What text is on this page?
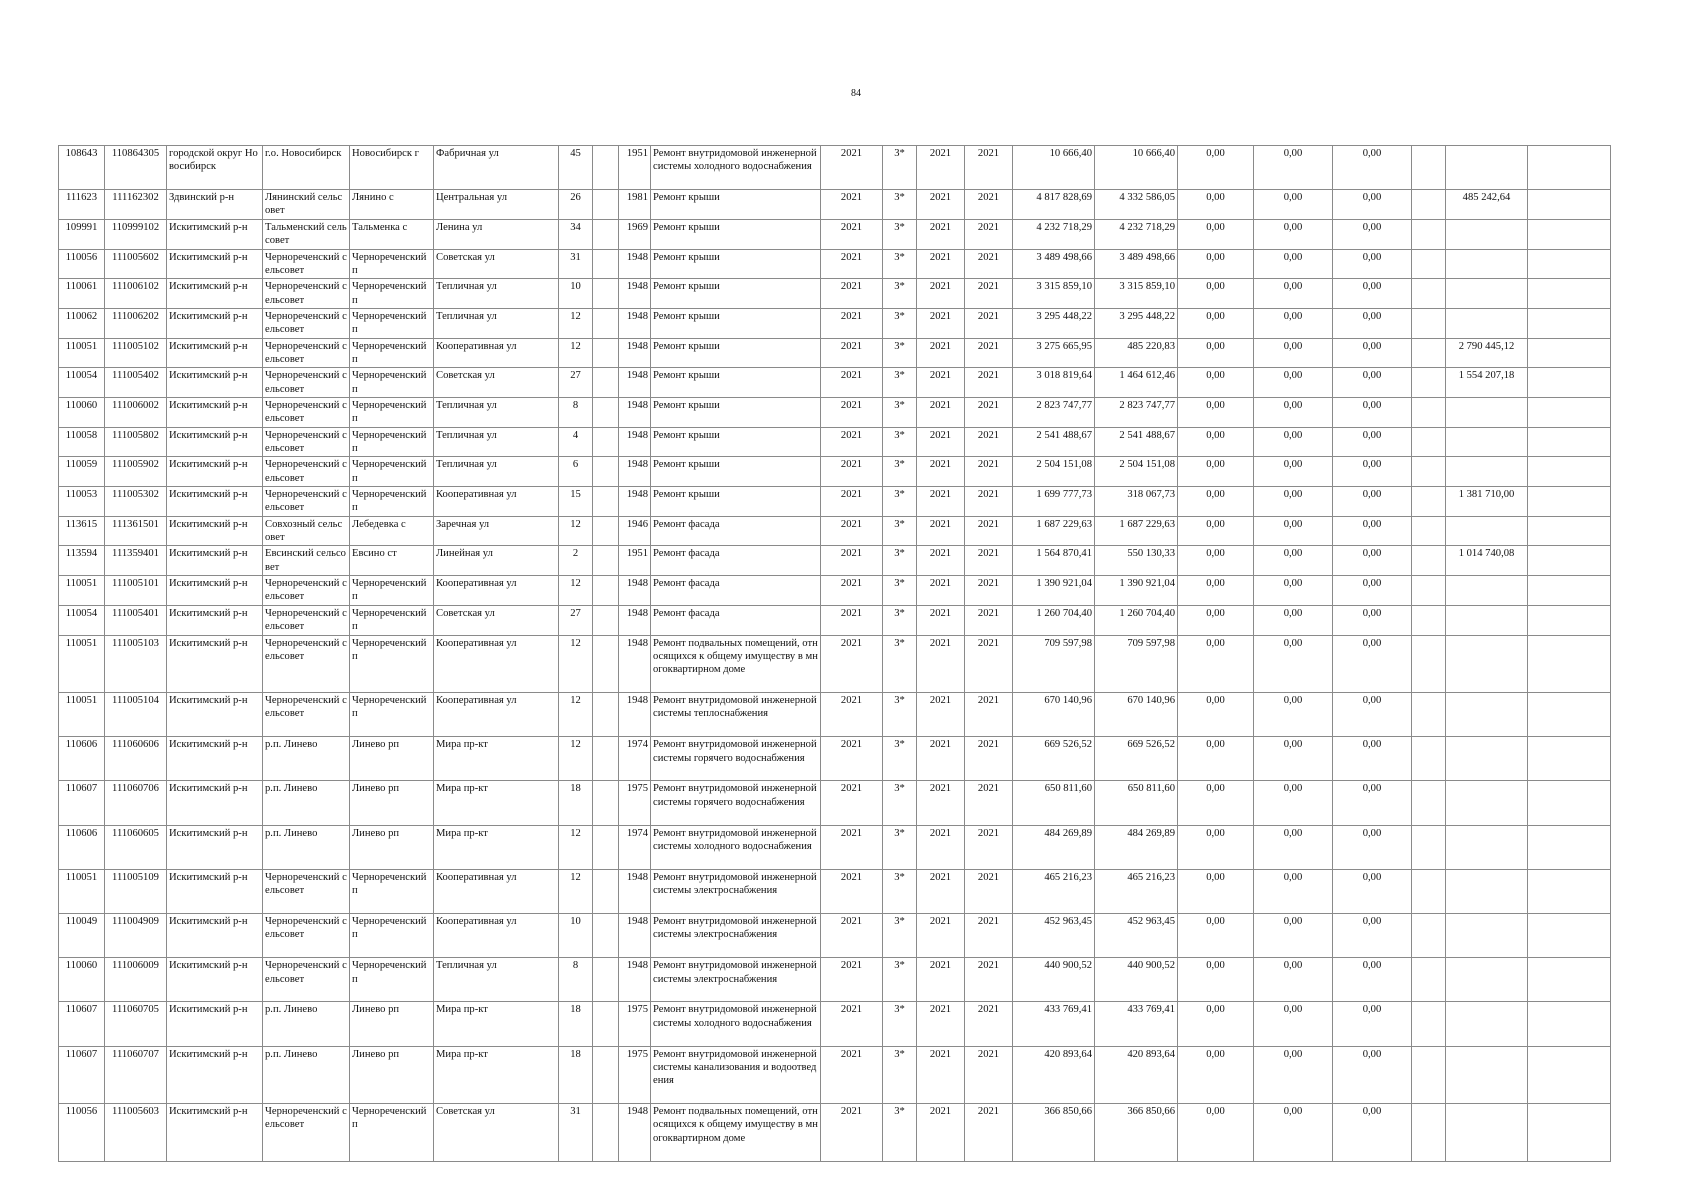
84
108643	110864305	городской округ Новосибирск	г.о. Новосибирск	Новосибирск г	Фабричная ул	45		1951	Ремонт внутридомовой инженерной системы холодного водоснабжения	2021	3*	2021	2021	10 666,40	10 666,40	0,00	0,00	0,00			
111623	111162302	Здвинский р-н	Лянинский сельсовет	Лянино с	Центральная ул	26		1981	Ремонт крыши	2021	3*	2021	2021	4 817 828,69	4 332 586,05	0,00	0,00	0,00		485 242,64	
109991	110999102	Искитимский р-н	Тальменский сельсовет	Тальменка с	Ленина ул	34		1969	Ремонт крыши	2021	3*	2021	2021	4 232 718,29	4 232 718,29	0,00	0,00	0,00			
110056	111005602	Искитимский р-н	Чернореченский сельсовет	Чернореченский п	Советская ул	31		1948	Ремонт крыши	2021	3*	2021	2021	3 489 498,66	3 489 498,66	0,00	0,00	0,00			
110061	111006102	Искитимский р-н	Чернореченский сельсовет	Чернореченский п	Тепличная ул	10		1948	Ремонт крыши	2021	3*	2021	2021	3 315 859,10	3 315 859,10	0,00	0,00	0,00			
110062	111006202	Искитимский р-н	Чернореченский сельсовет	Чернореченский п	Тепличная ул	12		1948	Ремонт крыши	2021	3*	2021	2021	3 295 448,22	3 295 448,22	0,00	0,00	0,00			
110051	111005102	Искитимский р-н	Чернореченский сельсовет	Чернореченский п	Кооперативная ул	12		1948	Ремонт крыши	2021	3*	2021	2021	3 275 665,95	485 220,83	0,00	0,00	0,00		2 790 445,12	
110054	111005402	Искитимский р-н	Чернореченский сельсовет	Чернореченский п	Советская ул	27		1948	Ремонт крыши	2021	3*	2021	2021	3 018 819,64	1 464 612,46	0,00	0,00	0,00		1 554 207,18	
110060	111006002	Искитимский р-н	Чернореченский сельсовет	Чернореченский п	Тепличная ул	8		1948	Ремонт крыши	2021	3*	2021	2021	2 823 747,77	2 823 747,77	0,00	0,00	0,00			
110058	111005802	Искитимский р-н	Чернореченский сельсовет	Чернореченский п	Тепличная ул	4		1948	Ремонт крыши	2021	3*	2021	2021	2 541 488,67	2 541 488,67	0,00	0,00	0,00			
110059	111005902	Искитимский р-н	Чернореченский сельсовет	Чернореченский п	Тепличная ул	6		1948	Ремонт крыши	2021	3*	2021	2021	2 504 151,08	2 504 151,08	0,00	0,00	0,00			
110053	111005302	Искитимский р-н	Чернореченский сельсовет	Чернореченский п	Кооперативная ул	15		1948	Ремонт крыши	2021	3*	2021	2021	1 699 777,73	318 067,73	0,00	0,00	0,00		1 381 710,00	
113615	111361501	Искитимский р-н	Совхозный сельсовет	Лебедевка с	Заречная ул	12		1946	Ремонт фасада	2021	3*	2021	2021	1 687 229,63	1 687 229,63	0,00	0,00	0,00			
113594	111359401	Искитимский р-н	Евсинский сельсовет	Евсино ст	Линейная ул	2		1951	Ремонт фасада	2021	3*	2021	2021	1 564 870,41	550 130,33	0,00	0,00	0,00		1 014 740,08	
110051	111005101	Искитимский р-н	Чернореченский сельсовет	Чернореченский п	Кооперативная ул	12		1948	Ремонт фасада	2021	3*	2021	2021	1 390 921,04	1 390 921,04	0,00	0,00	0,00			
110054	111005401	Искитимский р-н	Чернореченский сельсовет	Чернореченский п	Советская ул	27		1948	Ремонт фасада	2021	3*	2021	2021	1 260 704,40	1 260 704,40	0,00	0,00	0,00			
110051	111005103	Искитимский р-н	Чернореченский сельсовет	Чернореченский п	Кооперативная ул	12		1948	Ремонт подвальных помещений, относящихся к общему имуществу в многоквартирном доме	2021	3*	2021	2021	709 597,98	709 597,98	0,00	0,00	0,00			
110051	111005104	Искитимский р-н	Чернореченский сельсовет	Чернореченский п	Кооперативная ул	12		1948	Ремонт внутридомовой инженерной системы теплоснабжения	2021	3*	2021	2021	670 140,96	670 140,96	0,00	0,00	0,00			
110606	111060606	Искитимский р-н	р.п. Линево	Линево рп	Мира пр-кт	12		1974	Ремонт внутридомовой инженерной системы горячего водоснабжения	2021	3*	2021	2021	669 526,52	669 526,52	0,00	0,00	0,00			
110607	111060706	Искитимский р-н	р.п. Линево	Линево рп	Мира пр-кт	18		1975	Ремонт внутридомовой инженерной системы горячего водоснабжения	2021	3*	2021	2021	650 811,60	650 811,60	0,00	0,00	0,00			
110606	111060605	Искитимский р-н	р.п. Линево	Линево рп	Мира пр-кт	12		1974	Ремонт внутридомовой инженерной системы холодного водоснабжения	2021	3*	2021	2021	484 269,89	484 269,89	0,00	0,00	0,00			
110051	111005109	Искитимский р-н	Чернореченский сельсовет	Чернореченский п	Кооперативная ул	12		1948	Ремонт внутридомовой инженерной системы электроснабжения	2021	3*	2021	2021	465 216,23	465 216,23	0,00	0,00	0,00			
110049	111004909	Искитимский р-н	Чернореченский сельсовет	Чернореченский п	Кооперативная ул	10		1948	Ремонт внутридомовой инженерной системы электроснабжения	2021	3*	2021	2021	452 963,45	452 963,45	0,00	0,00	0,00			
110060	111006009	Искитимский р-н	Чернореченский сельсовет	Чернореченский п	Тепличная ул	8		1948	Ремонт внутридомовой инженерной системы электроснабжения	2021	3*	2021	2021	440 900,52	440 900,52	0,00	0,00	0,00			
110607	111060705	Искитимский р-н	р.п. Линево	Линево рп	Мира пр-кт	18		1975	Ремонт внутридомовой инженерной системы холодного водоснабжения	2021	3*	2021	2021	433 769,41	433 769,41	0,00	0,00	0,00			
110607	111060707	Искитимский р-н	р.п. Линево	Линево рп	Мира пр-кт	18		1975	Ремонт внутридомовой инженерной системы канализования и водоотведения	2021	3*	2021	2021	420 893,64	420 893,64	0,00	0,00	0,00			
110056	111005603	Искитимский р-н	Чернореченский сельсовет	Чернореченский п	Советская ул	31		1948	Ремонт подвальных помещений, относящихся к общему имуществу в многоквартирном доме	2021	3*	2021	2021	366 850,66	366 850,66	0,00	0,00	0,00			
